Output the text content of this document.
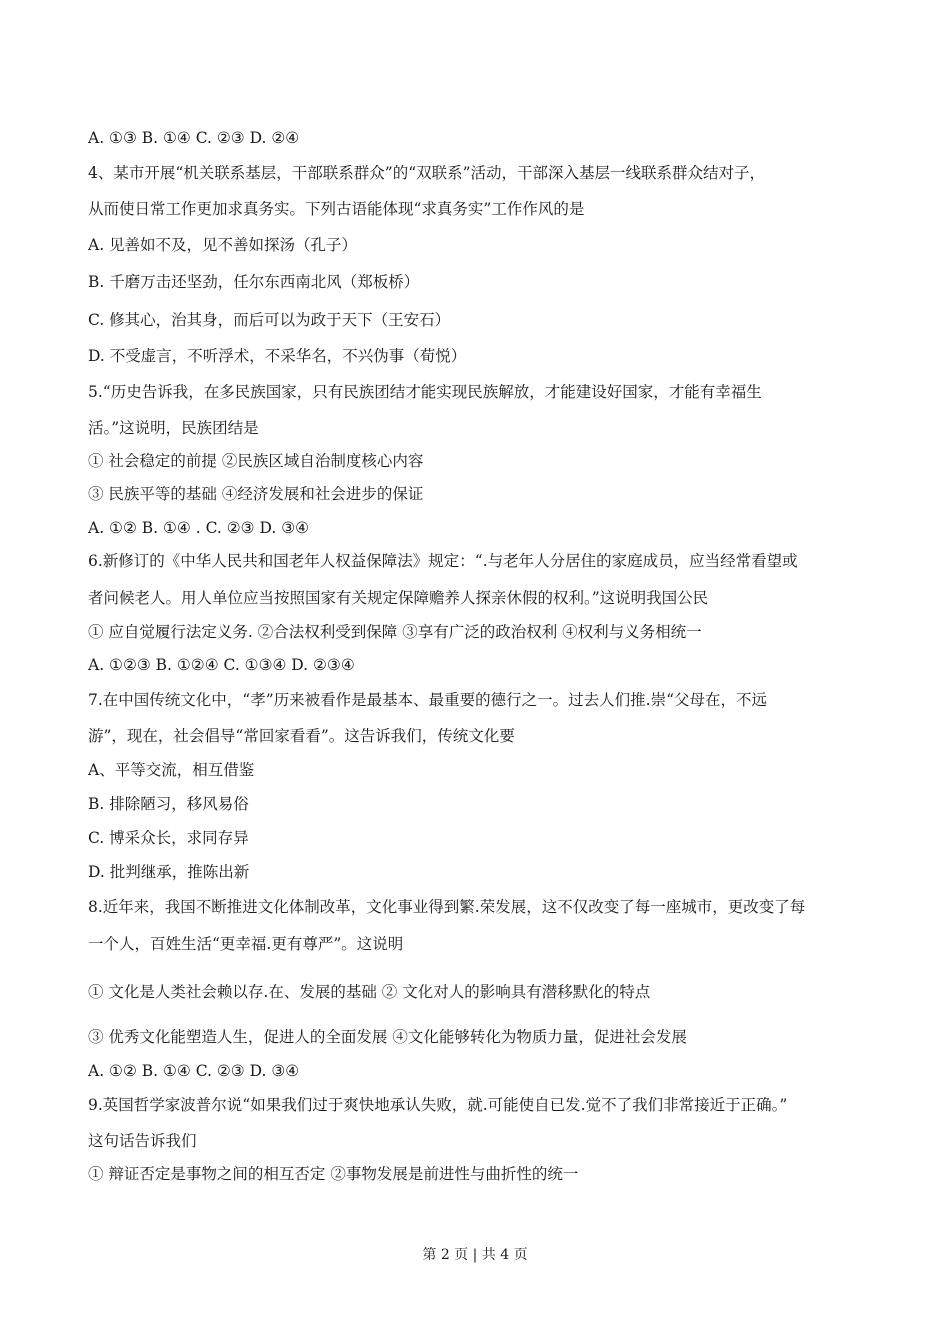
A. ①③ B. ①④ C. ②③ D. ②④
4、某市开展“机关联系基层，干部联系群众”的“双联系”活动，干部深入基层一线联系群众结对子，
从而使日常工作更加求真务实。下列古语能体现“求真务实”工作作风的是
A. 见善如不及，见不善如探汤（孔子）
B. 千磨万击还坚劲，任尔东西南北风（郑板桥）
C. 修其心，治其身，而后可以为政于天下（王安石）
D. 不受虚言，不听浮术，不采华名，不兴伪事（荀悦）
5.“历史告诉我，在多民族国家，只有民族团结才能实现民族解放，才能建设好国家，才能有幸福生
活。”这说明，民族团结是
① 社会稳定的前提 ②民族区域自治制度核心内容
③ 民族平等的基础 ④经济发展和社会进步的保证
A. ①② B. ①④ . C. ②③ D. ③④
6.新修订的《中华人民共和国老年人权益保障法》规定：“.与老年人分居住的家庭成员，应当经常看望或
者问候老人。用人单位应当按照国家有关规定保障赡养人探亲休假的权利。”这说明我国公民
① 应自觉履行法定义务. ②合法权利受到保障 ③享有广泛的政治权利 ④权利与义务相统一
A. ①②③ B. ①②④ C. ①③④ D. ②③④
7.在中国传统文化中，“孝”历来被看作是最基本、最重要的德行之一。过去人们推.崇“父母在，不远
游”，现在，社会倡导“常回家看看”。这告诉我们，传统文化要
A、平等交流，相互借鉴
B. 排除陋习，移风易俗
C. 博采众长，求同存异
D. 批判继承，推陈出新
8.近年来，我国不断推进文化体制改革，文化事业得到繁.荣发展，这不仅改变了每一座城市，更改变了每
一个人，百姓生活“更幸福.更有尊严”。这说明
① 文化是人类社会赖以存.在、发展的基础 ② 文化对人的影响具有潜移默化的特点
③ 优秀文化能塑造人生，促进人的全面发展 ④文化能够转化为物质力量，促进社会发展
A. ①② B. ①④ C. ②③ D. ③④
9.英国哲学家波普尔说“如果我们过于爽快地承认失败，就.可能使自已发.觉不了我们非常接近于正确。”
这句话告诉我们
① 辩证否定是事物之间的相互否定 ②事物发展是前进性与曲折性的统一
第 2 页 | 共 4 页
